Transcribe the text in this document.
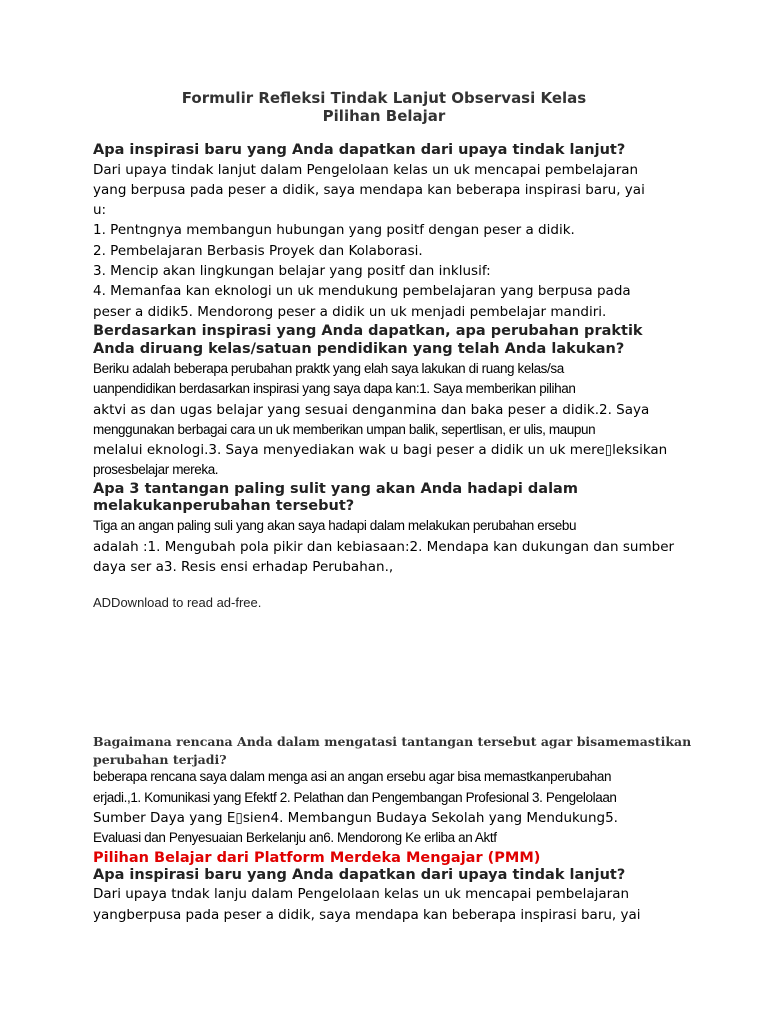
Formulir Refleksi Tindak Lanjut Observasi Kelas
Pilihan Belajar
Apa inspirasi baru yang Anda dapatkan dari upaya tindak lanjut?
Dari upaya tindak lanjut dalam Pengelolaan kelas un uk mencapai pembelajaran
yang berpusa pada peser a didik, saya mendapa kan beberapa inspirasi baru, yai
u:
1. Pentngnya membangun hubungan yang positf dengan peser a didik.
2. Pembelajaran Berbasis Proyek dan Kolaborasi.
3. Mencip akan lingkungan belajar yang positf dan inklusif:
4. Memanfaa kan eknologi un uk mendukung pembelajaran yang berpusa pada
peser a didik5. Mendorong peser a didik un uk menjadi pembelajar mandiri.
Berdasarkan inspirasi yang Anda dapatkan, apa perubahan praktik
Anda diruang kelas/satuan pendidikan yang telah Anda lakukan?
Beriku adalah beberapa perubahan praktk yang elah saya lakukan di ruang kelas/sa
uanpendidikan berdasarkan inspirasi yang saya dapa kan:1. Saya memberikan pilihan
aktvi as dan ugas belajar yang sesuai denganmina dan baka peser a didik.2. Saya
menggunakan berbagai cara un uk memberikan umpan balik, sepertlisan, er ulis, maupun
melalui eknologi.3. Saya menyediakan wak u bagi peser a didik un uk mere▯leksikan
prosesbelajar mereka.
Apa 3 tantangan paling sulit yang akan Anda hadapi dalam
melakukanperubahan tersebut?
Tiga an angan paling suli yang akan saya hadapi dalam melakukan perubahan ersebu
adalah :1. Mengubah pola pikir dan kebiasaan:2. Mendapa kan dukungan dan sumber
daya ser a3. Resis ensi erhadap Perubahan.,
ADDownload to read ad-free.
Bagaimana rencana Anda dalam mengatasi tantangan tersebut agar bisamemastikan
perubahan terjadi?
beberapa rencana saya dalam menga asi an angan ersebu agar bisa memastkanperubahan
erjadi.,1. Komunikasi yang Efektf 2. Pelathan dan Pengembangan Profesional 3. Pengelolaan
Sumber Daya yang E▯sien4. Membangun Budaya Sekolah yang Mendukung5.
Evaluasi dan Penyesuaian Berkelanju an6. Mendorong Ke erliba an Aktf
Pilihan Belajar dari Platform Merdeka Mengajar (PMM)
Apa inspirasi baru yang Anda dapatkan dari upaya tindak lanjut?
Dari upaya tndak lanju dalam Pengelolaan kelas un uk mencapai pembelajaran
yangberpusa pada peser a didik, saya mendapa kan beberapa inspirasi baru, yai
